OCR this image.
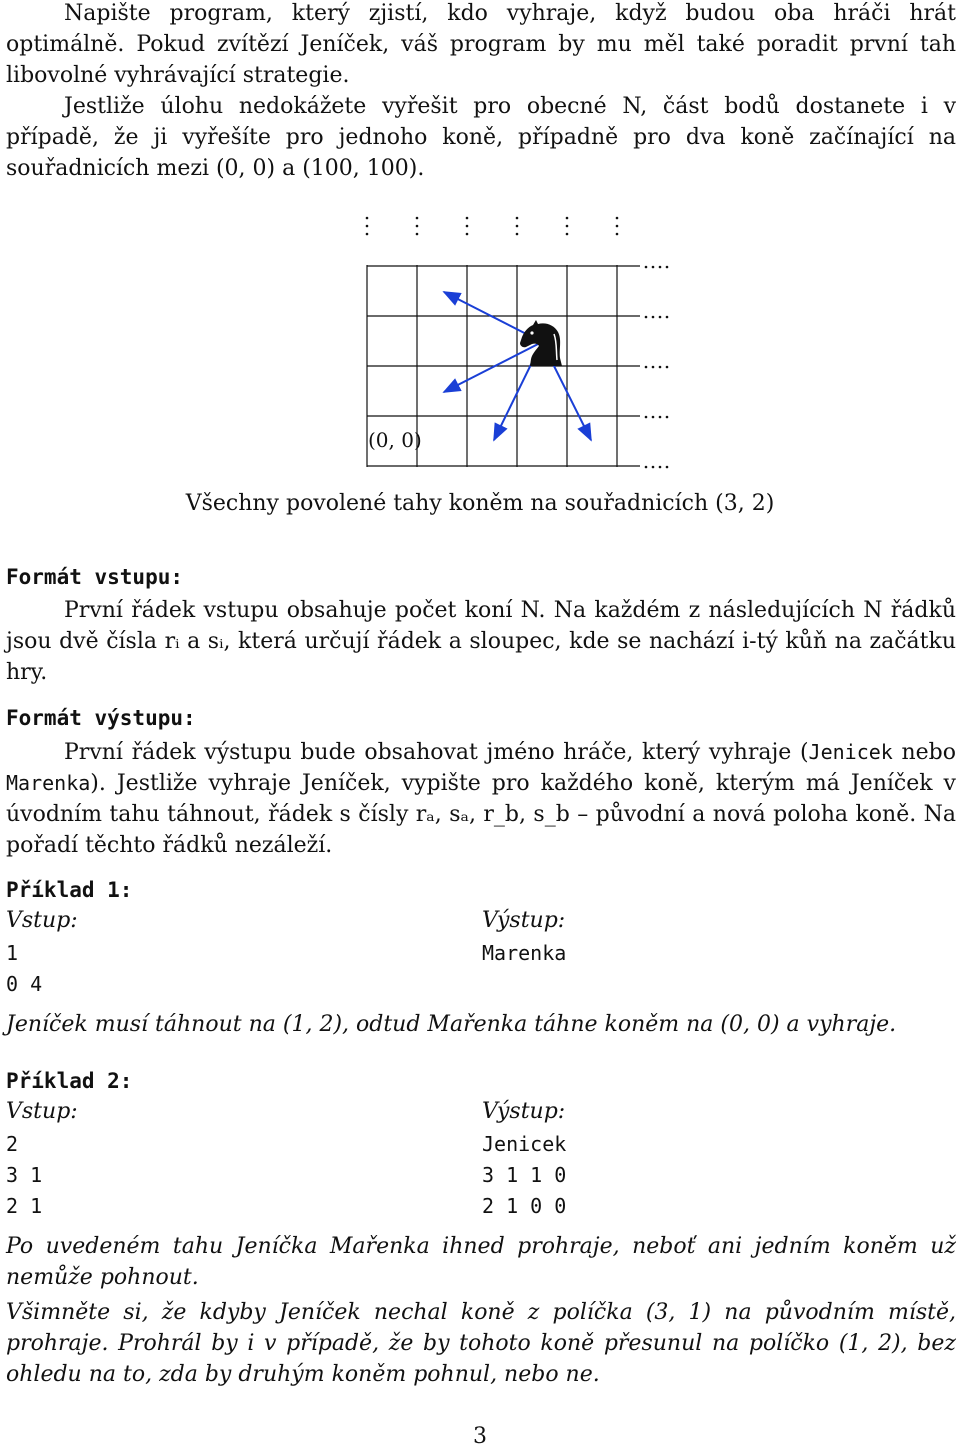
Napište program, který zjistí, kdo vyhraje, když budou oba hráči hrát optimálně. Pokud zvítězí Jeníček, váš program by mu měl také poradit první tah libovolné vyhrávající strategie.
Jestliže úlohu nedokážete vyřešit pro obecné N, část bodů dostanete i v případě, že ji vyřešíte pro jednoho koně, případně pro dva koně začínající na souřadnicích mezi (0, 0) a (100, 100).
(0, 0)
Všechny povolené tahy koněm na souřadnicích (3, 2)
Formát vstupu:
První řádek vstupu obsahuje počet koní N. Na každém z následujících N řádků jsou dvě čísla rᵢ a sᵢ, která určují řádek a sloupec, kde se nachází i-tý kůň na začátku hry.
Formát výstupu:
První řádek výstupu bude obsahovat jméno hráče, který vyhraje (Jenicek nebo Marenka). Jestliže vyhraje Jeníček, vypište pro každého koně, kterým má Jeníček v úvodním tahu táhnout, řádek s čísly rₐ, sₐ, r_b, s_b – původní a nová poloha koně. Na pořadí těchto řádků nezáleží.
Příklad 1:
Vstup:	Výstup:
1
0 4
Marenka
Jeníček musí táhnout na (1, 2), odtud Mařenka táhne koněm na (0, 0) a vyhraje.
Příklad 2:
Vstup:	Výstup:
2
3 1
2 1
Jenicek
3 1 1 0
2 1 0 0
Po uvedeném tahu Jeníčka Mařenka ihned prohraje, neboť ani jedním koněm už nemůže pohnout.
Všimněte si, že kdyby Jeníček nechal koně z políčka (3, 1) na původním místě, prohraje. Prohrál by i v případě, že by tohoto koně přesunul na políčko (1, 2), bez ohledu na to, zda by druhým koněm pohnul, nebo ne.
3
